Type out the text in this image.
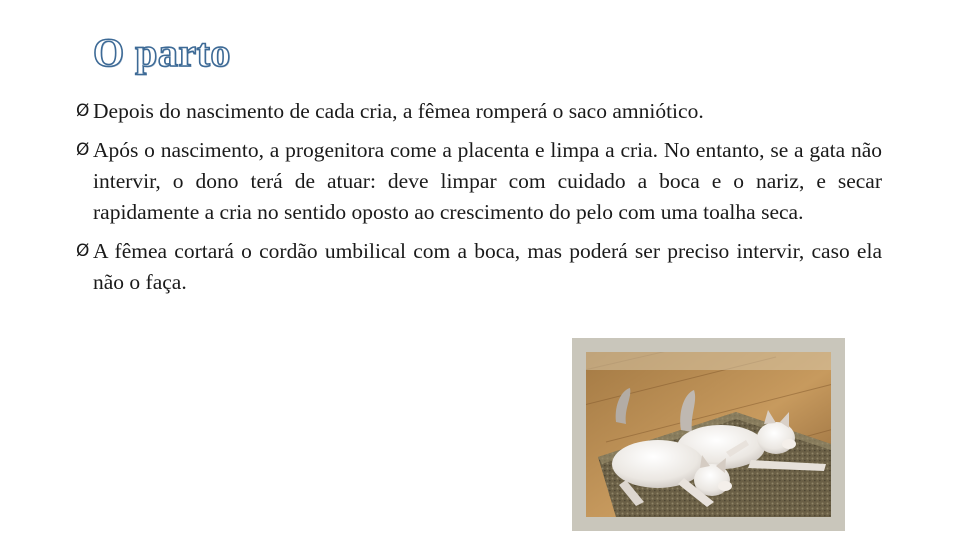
O parto
Ø Depois do nascimento de cada cria, a fêmea romperá o saco amniótico.
Ø Após o nascimento, a progenitora come a placenta e limpa a cria. No entanto, se a gata não intervir, o dono terá de atuar: deve limpar com cuidado a boca e o nariz, e secar rapidamente a cria no sentido oposto ao crescimento do pelo com uma toalha seca.
Ø A fêmea cortará o cordão umbilical com a boca, mas poderá ser preciso intervir, caso ela não o faça.
